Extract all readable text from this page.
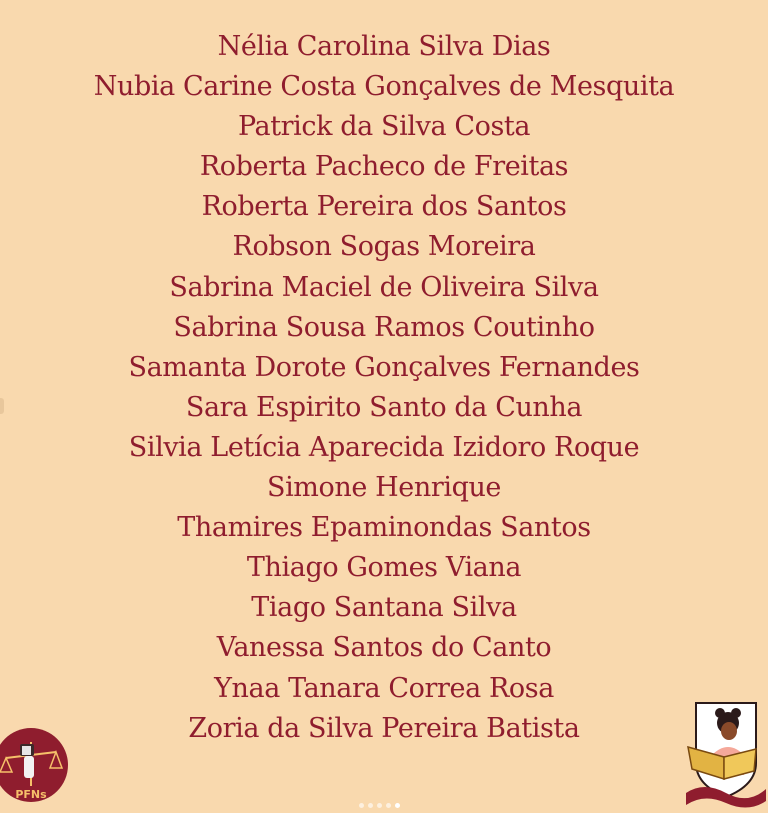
Nélia Carolina Silva Dias
Nubia Carine Costa Gonçalves de Mesquita
Patrick da Silva Costa
Roberta Pacheco de Freitas
Roberta Pereira dos Santos
Robson Sogas Moreira
Sabrina Maciel de Oliveira Silva
Sabrina Sousa Ramos Coutinho
Samanta Dorote Gonçalves Fernandes
Sara Espirito Santo da Cunha
Silvia Letícia Aparecida Izidoro Roque
Simone Henrique
Thamires Epaminondas Santos
Thiago Gomes Viana
Tiago Santana Silva
Vanessa Santos do Canto
Ynaa Tanara Correa Rosa
Zoria da Silva Pereira Batista
PFNs
